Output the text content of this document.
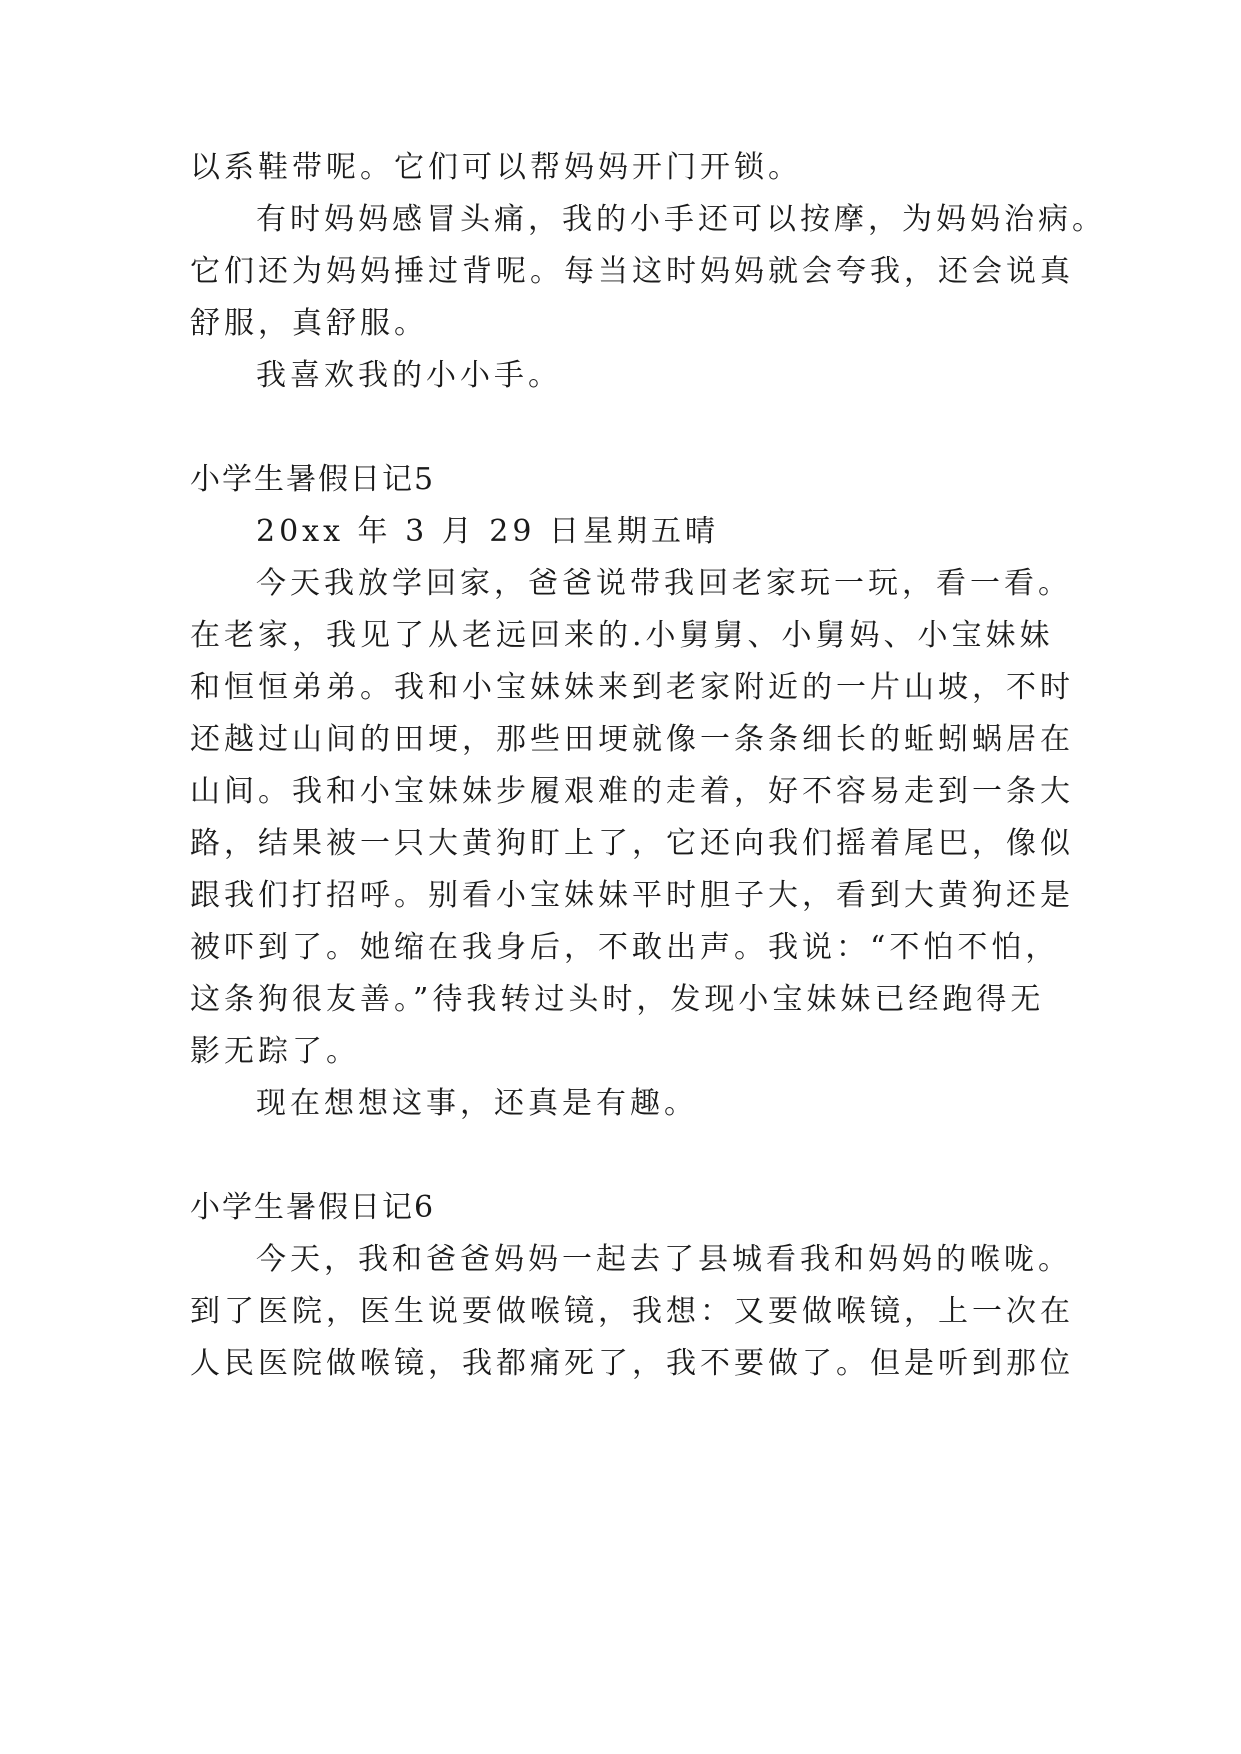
以系鞋带呢。它们可以帮妈妈开门开锁。
有时妈妈感冒头痛，我的小手还可以按摩，为妈妈治病。
它们还为妈妈捶过背呢。每当这时妈妈就会夸我，还会说真
舒服，真舒服。
我喜欢我的小小手。
小学生暑假日记5
20xx 年 3 月 29 日星期五晴
今天我放学回家，爸爸说带我回老家玩一玩，看一看。
在老家，我见了从老远回来的.小舅舅、小舅妈、小宝妹妹
和恒恒弟弟。我和小宝妹妹来到老家附近的一片山坡，不时
还越过山间的田埂，那些田埂就像一条条细长的蚯蚓蜗居在
山间。我和小宝妹妹步履艰难的走着，好不容易走到一条大
路，结果被一只大黄狗盯上了，它还向我们摇着尾巴，像似
跟我们打招呼。别看小宝妹妹平时胆子大，看到大黄狗还是
被吓到了。她缩在我身后，不敢出声。我说：“不怕不怕，
这条狗很友善。”待我转过头时，发现小宝妹妹已经跑得无
影无踪了。
现在想想这事，还真是有趣。
小学生暑假日记6
今天，我和爸爸妈妈一起去了县城看我和妈妈的喉咙。
到了医院，医生说要做喉镜，我想：又要做喉镜，上一次在
人民医院做喉镜，我都痛死了，我不要做了。但是听到那位
